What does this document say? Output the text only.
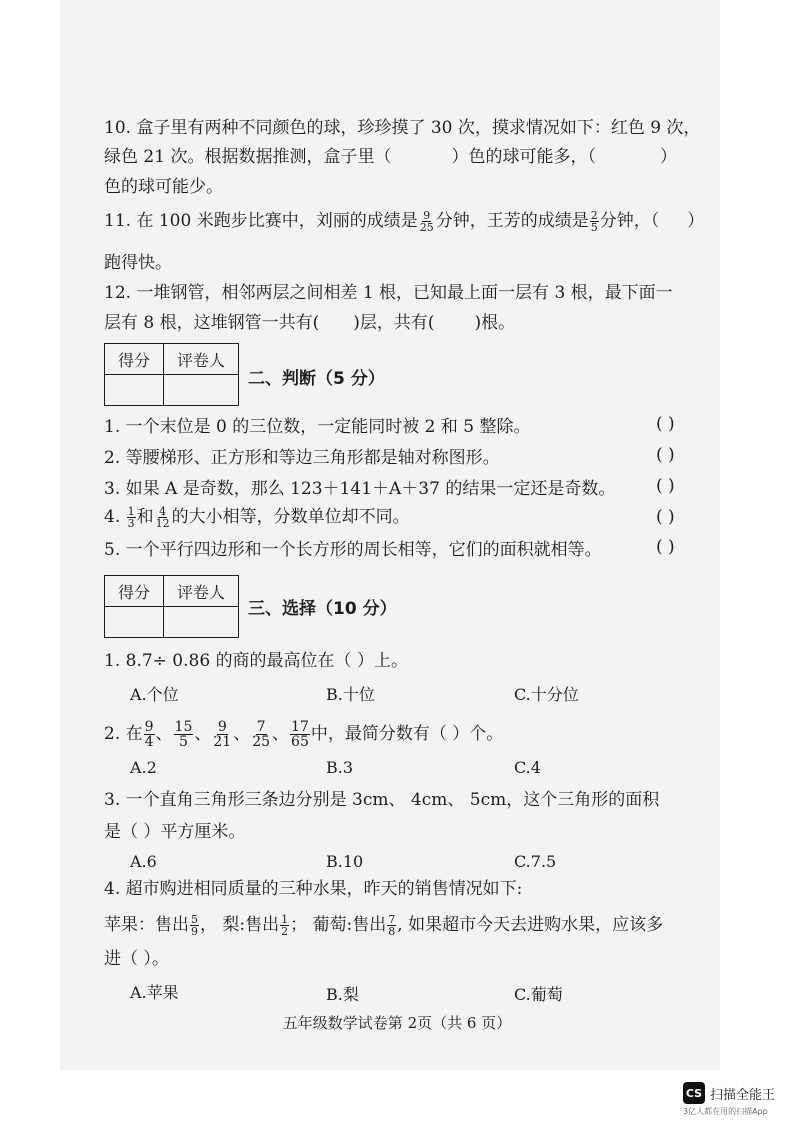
10. 盒子里有两种不同颜色的球，珍珍摸了 30 次，摸求情况如下：红色 9 次，
绿色 21 次。根据数据推测，盒子里（	）色的球可能多，（	）
色的球可能少。
11. 在 100 米跑步比赛中，刘丽的成绩是 $\frac{9}{25}$ 分钟，王芳的成绩是 $\frac{2}{5}$ 分钟，（ ）
跑得快。
12. 一堆钢管，相邻两层之间相差 1 根，已知最上面一层有 3 根，最下面一
层有 8 根，这堆钢管一共有( )层，共有( )根。
得分	评卷人

二、判断（5 分）
1. 一个末位是 0 的三位数，一定能同时被 2 和 5 整除。	( )
2. 等腰梯形、正方形和等边三角形都是轴对称图形。	( )
3. 如果 A 是奇数，那么 123＋141＋A＋37 的结果一定还是奇数。 ( )
4. $\frac{1}{3}$ 和 $\frac{4}{12}$ 的大小相等，分数单位却不同。	( )
5. 一个平行四边形和一个长方形的周长相等，它们的面积就相等。	( )
得分	评卷人

三、选择（10 分）
1. 8.7÷ 0.86 的商的最高位在（ ）上。
A.个位	B.十位	C.十分位
2. 在 $\frac{9}{4}$ 、 $\frac{15}{5}$ 、 $\frac{9}{21}$ 、 $\frac{7}{25}$ 、 $\frac{17}{65}$ 中，最简分数有（ ）个。
A.2	B.3	C.4
3. 一个直角三角形三条边分别是 3cm、 4cm、 5cm，这个三角形的面积
是（ ）平方厘米。
A.6	B.10	C.7.5
4. 超市购进相同质量的三种水果，昨天的销售情况如下:
苹果：售出 $\frac{5}{9}$ ， 梨:售出 $\frac{1}{2}$ ； 葡萄:售出 $\frac{7}{8}$ , 如果超市今天去进购水果，应该多
进（ ）。
A.苹果	B.梨	C.葡萄
五年级数学试卷第 2页（共 6 页）
CS 扫描全能王
3亿人都在用的扫描App
